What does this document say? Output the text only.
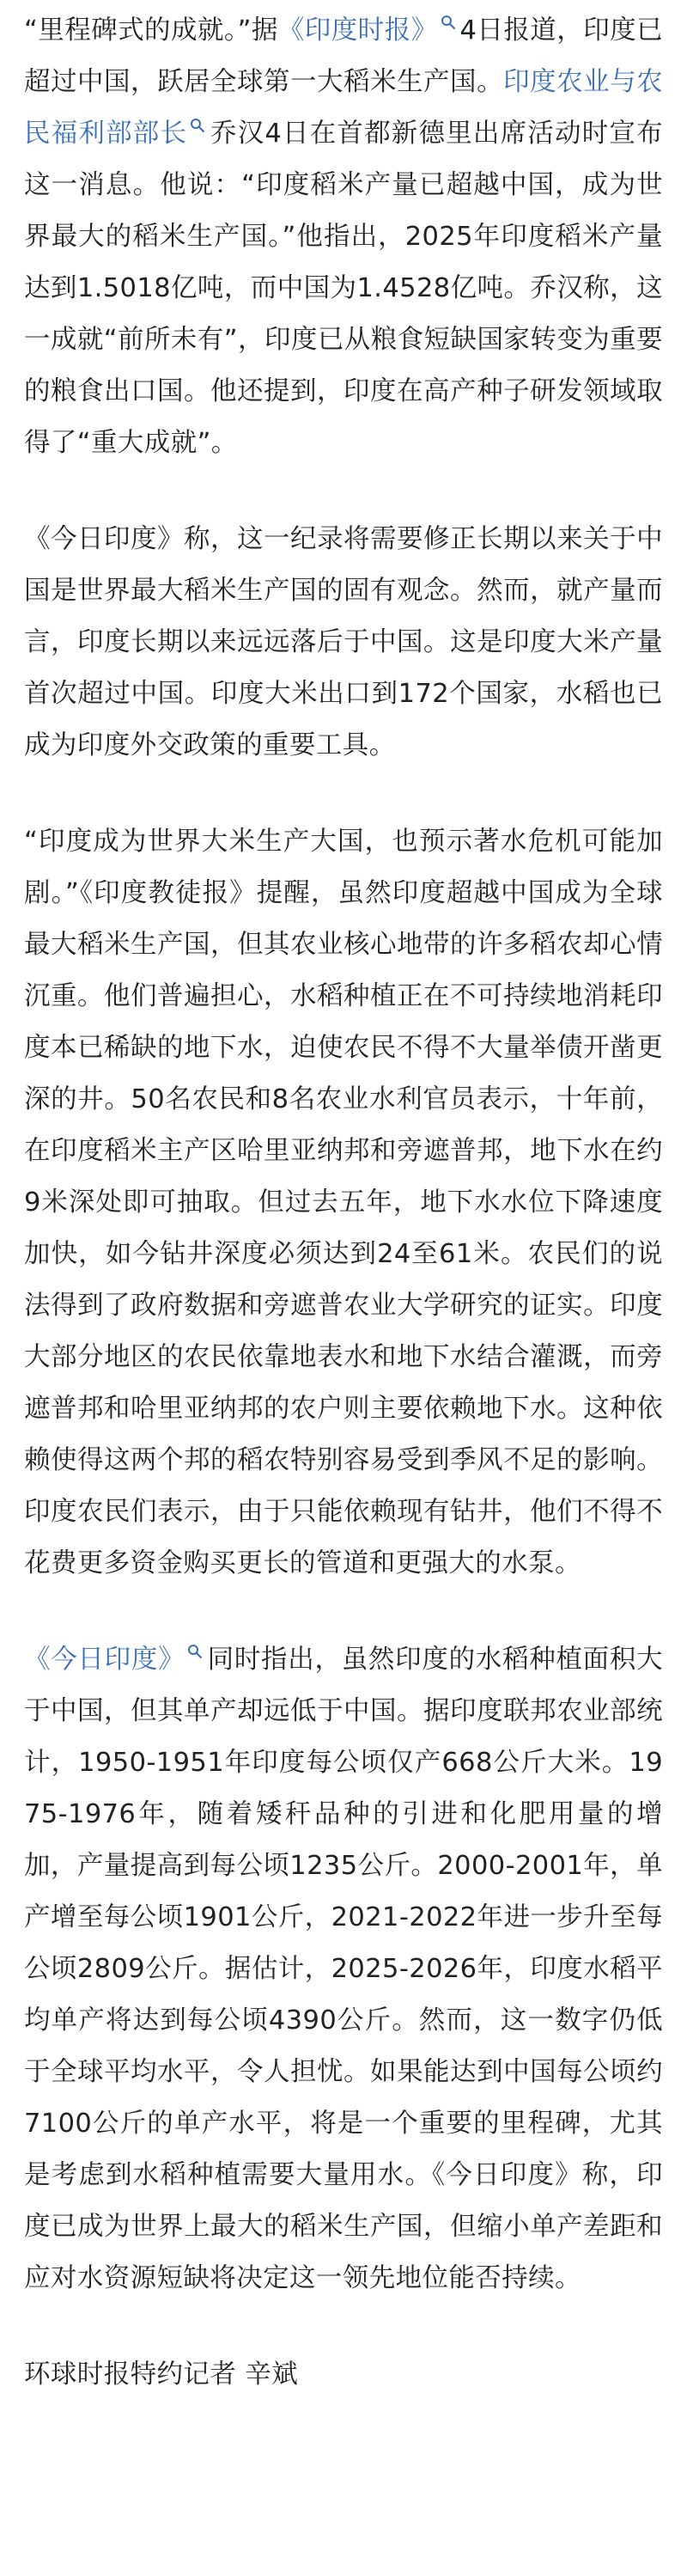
“里程碑式的成就。”据《印度时报》 4日报道，印度已超过中国，跃居全球第一大稻米生产国。印度农业与农民福利部部长 乔汉4日在首都新德里出席活动时宣布这一消息。他说：“印度稻米产量已超越中国，成为世界最大的稻米生产国。”他指出，2025年印度稻米产量达到1.5018亿吨，而中国为1.4528亿吨。乔汉称，这一成就“前所未有”，印度已从粮食短缺国家转变为重要的粮食出口国。他还提到，印度在高产种子研发领域取得了“重大成就”。

《今日印度》称，这一纪录将需要修正长期以来关于中国是世界最大稻米生产国的固有观念。然而，就产量而言，印度长期以来远远落后于中国。这是印度大米产量首次超过中国。印度大米出口到172个国家，水稻也已成为印度外交政策的重要工具。

“印度成为世界大米生产大国，也预示著水危机可能加剧。”《印度教徒报》提醒，虽然印度超越中国成为全球最大稻米生产国，但其农业核心地带的许多稻农却心情沉重。他们普遍担心，水稻种植正在不可持续地消耗印度本已稀缺的地下水，迫使农民不得不大量举债开凿更深的井。50名农民和8名农业水利官员表示，十年前，在印度稻米主产区哈里亚纳邦和旁遮普邦，地下水在约9米深处即可抽取。但过去五年，地下水水位下降速度加快，如今钻井深度必须达到24至61米。农民们的说法得到了政府数据和旁遮普农业大学研究的证实。印度大部分地区的农民依靠地表水和地下水结合灌溉，而旁遮普邦和哈里亚纳邦的农户则主要依赖地下水。这种依赖使得这两个邦的稻农特别容易受到季风不足的影响。印度农民们表示，由于只能依赖现有钻井，他们不得不花费更多资金购买更长的管道和更强大的水泵。

《今日印度》 同时指出，虽然印度的水稻种植面积大于中国，但其单产却远低于中国。据印度联邦农业部统计，1950-1951年印度每公顷仅产668公斤大米。1975-1976年，随着矮秆品种的引进和化肥用量的增加，产量提高到每公顷1235公斤。2000-2001年，单产增至每公顷1901公斤，2021-2022年进一步升至每公顷2809公斤。据估计，2025-2026年，印度水稻平均单产将达到每公顷4390公斤。然而，这一数字仍低于全球平均水平，令人担忧。如果能达到中国每公顷约7100公斤的单产水平，将是一个重要的里程碑，尤其是考虑到水稻种植需要大量用水。《今日印度》称，印度已成为世界上最大的稻米生产国，但缩小单产差距和应对水资源短缺将决定这一领先地位能否持续。

环球时报特约记者 辛斌
